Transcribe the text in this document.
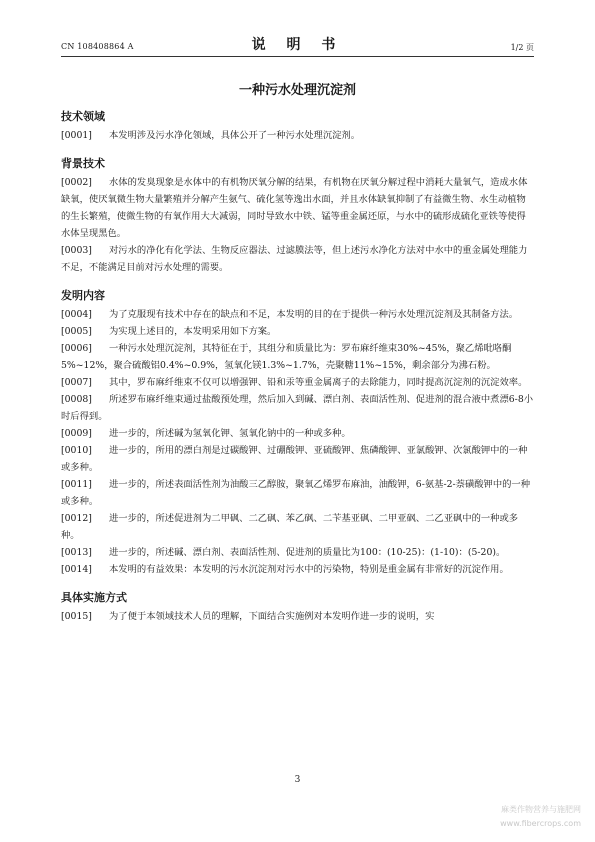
CN 108408864 A	说 明 书	1/2 页
一种污水处理沉淀剂
技术领域
[0001] 本发明涉及污水净化领域，具体公开了一种污水处理沉淀剂。
背景技术
[0002] 水体的发臭现象是水体中的有机物厌氧分解的结果，有机物在厌氧分解过程中消耗大量氧气，造成水体缺氧，使厌氧微生物大量繁殖并分解产生氨气、硫化氢等逸出水面，并且水体缺氧抑制了有益微生物、水生动植物的生长繁殖，使微生物的有氧作用大大减弱，同时导致水中铁、锰等重金属还原，与水中的硫形成硫化亚铁等使得水体呈现黑色。
[0003] 对污水的净化有化学法、生物反应器法、过滤膜法等，但上述污水净化方法对中水中的重金属处理能力不足，不能满足目前对污水处理的需要。
发明内容
[0004] 为了克服现有技术中存在的缺点和不足，本发明的目的在于提供一种污水处理沉淀剂及其制备方法。
[0005] 为实现上述目的，本发明采用如下方案。
[0006] 一种污水处理沉淀剂，其特征在于，其组分和质量比为：罗布麻纤维束30%~45%，聚乙烯吡咯酮5%~12%，聚合硫酸铝0.4%~0.9%，氢氧化镁1.3%~1.7%，壳聚糖11%~15%，剩余部分为沸石粉。
[0007] 其中，罗布麻纤维束不仅可以增强钾、铅和汞等重金属离子的去除能力，同时提高沉淀剂的沉淀效率。
[0008] 所述罗布麻纤维束通过盐酸预处理，然后加入到碱、漂白剂、表面活性剂、促进剂的混合液中煮漂6-8小时后得到。
[0009] 进一步的，所述碱为氢氧化钾、氢氧化钠中的一种或多种。
[0010] 进一步的，所用的漂白剂是过碳酸钾、过硼酸钾、亚硫酸钾、焦磷酸钾、亚氯酸钾、次氯酸钾中的一种或多种。
[0011] 进一步的，所述表面活性剂为油酸三乙醇胺，聚氧乙烯罗布麻油，油酸钾，6-氨基-2-萘磺酸钾中的一种或多种。
[0012] 进一步的，所述促进剂为二甲砜、二乙砜、苯乙砜、二苄基亚砜、二甲亚砜、二乙亚砜中的一种或多种。
[0013] 进一步的，所述碱、漂白剂、表面活性剂、促进剂的质量比为100：(10-25)：(1-10)：(5-20)。
[0014] 本发明的有益效果：本发明的污水沉淀剂对污水中的污染物，特别是重金属有非常好的沉淀作用。
具体实施方式
[0015] 为了便于本领域技术人员的理解，下面结合实施例对本发明作进一步的说明，实
3
麻类作物营养与施肥网
www.fibercrops.com
